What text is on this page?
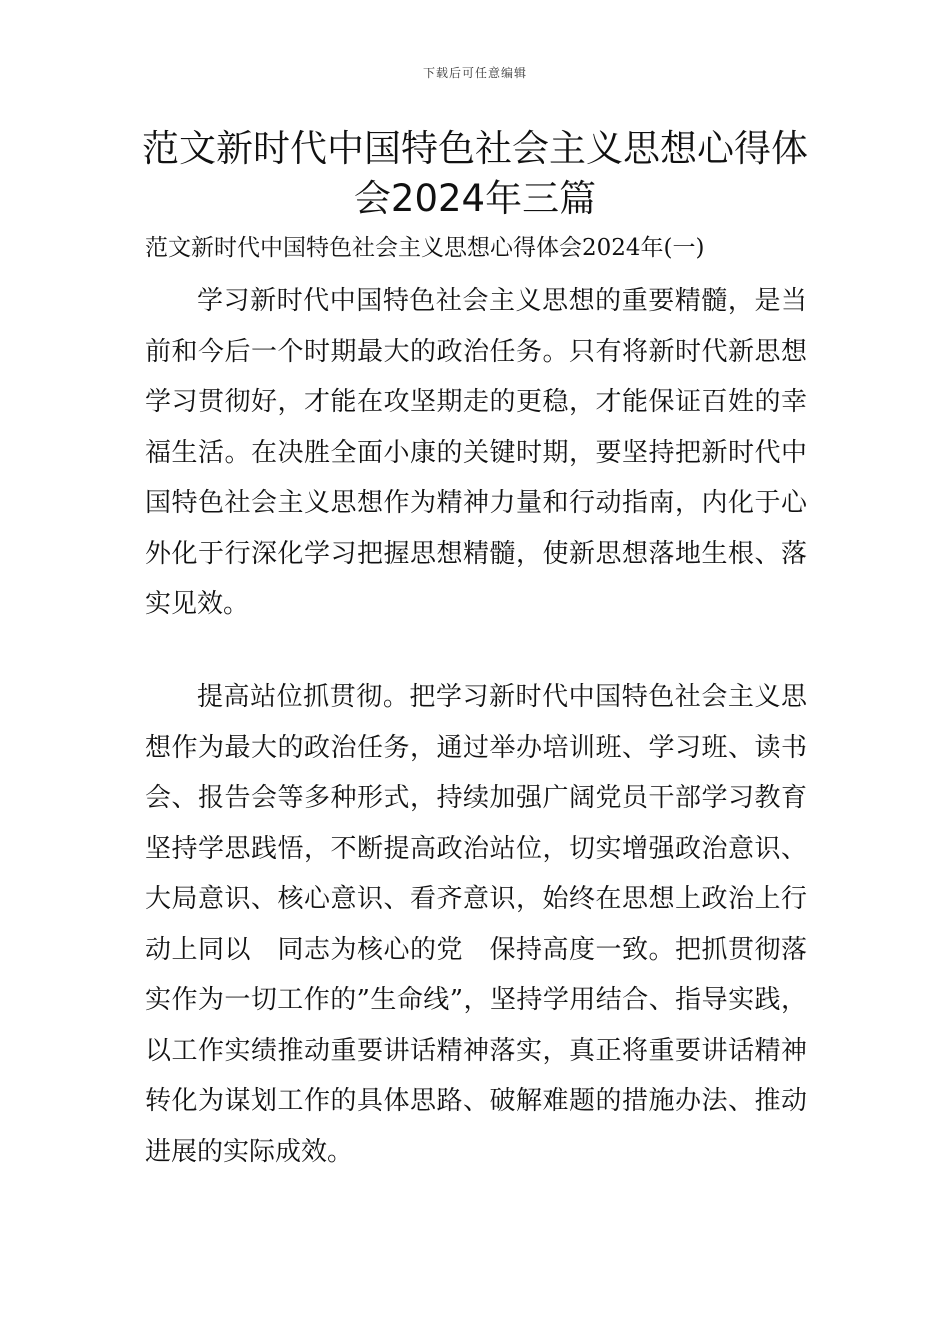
下载后可任意编辑
范文新时代中国特色社会主义思想心得体会2024年三篇
范文新时代中国特色社会主义思想心得体会2024年(一)

学习新时代中国特色社会主义思想的重要精髓，是当前和今后一个时期最大的政治任务。只有将新时代新思想学习贯彻好，才能在攻坚期走的更稳，才能保证百姓的幸福生活。在决胜全面小康的关键时期，要坚持把新时代中国特色社会主义思想作为精神力量和行动指南，内化于心外化于行深化学习把握思想精髓，使新思想落地生根、落实见效。

提高站位抓贯彻。把学习新时代中国特色社会主义思想作为最大的政治任务，通过举办培训班、学习班、读书会、报告会等多种形式，持续加强广阔党员干部学习教育坚持学思践悟，不断提高政治站位，切实增强政治意识、大局意识、核心意识、看齐意识，始终在思想上政治上行动上同以　同志为核心的党　保持高度一致。把抓贯彻落实作为一切工作的”生命线”，坚持学用结合、指导实践，以工作实绩推动重要讲话精神落实，真正将重要讲话精神转化为谋划工作的具体思路、破解难题的措施办法、推动进展的实际成效。
